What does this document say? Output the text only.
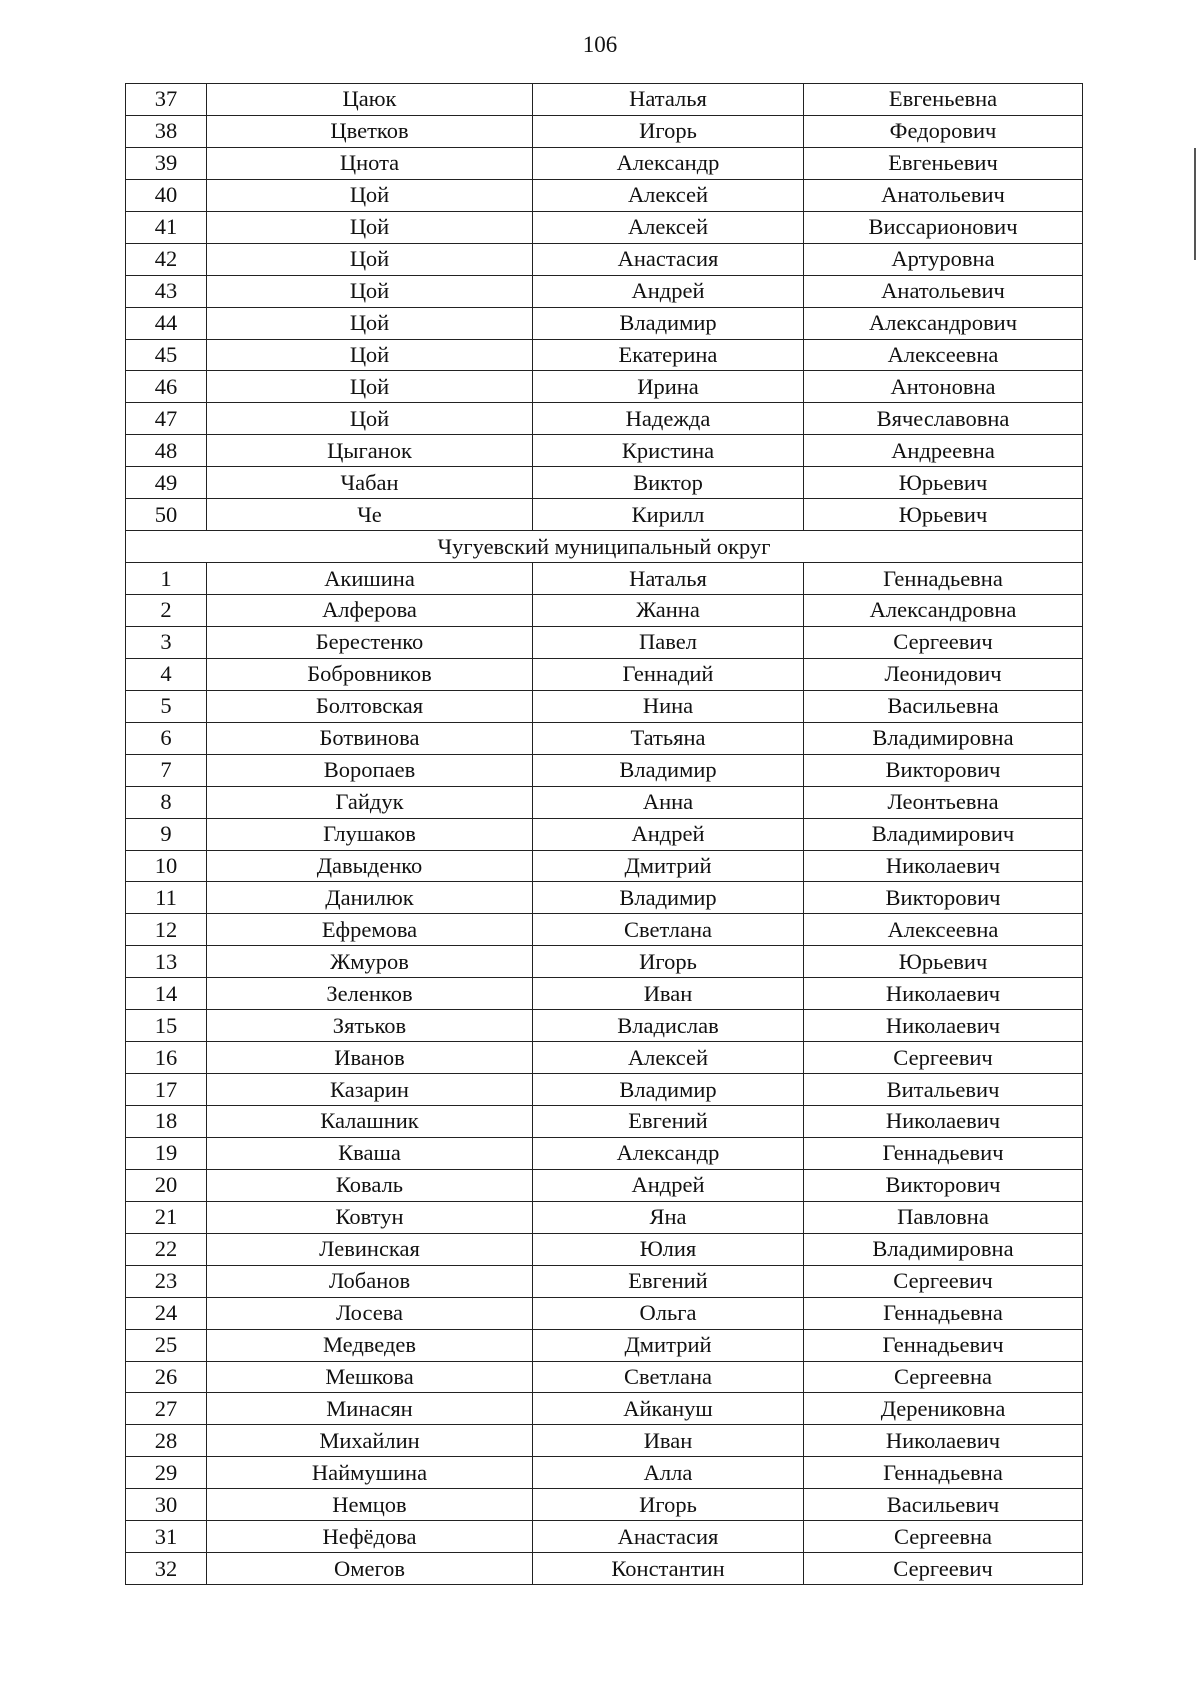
106
37	Цаюк	Наталья	Евгеньевна
38	Цветков	Игорь	Федорович
39	Цнота	Александр	Евгеньевич
40	Цой	Алексей	Анатольевич
41	Цой	Алексей	Виссарионович
42	Цой	Анастасия	Артуровна
43	Цой	Андрей	Анатольевич
44	Цой	Владимир	Александрович
45	Цой	Екатерина	Алексеевна
46	Цой	Ирина	Антоновна
47	Цой	Надежда	Вячеславовна
48	Цыганок	Кристина	Андреевна
49	Чабан	Виктор	Юрьевич
50	Че	Кирилл	Юрьевич
Чугуевский муниципальный округ			
1	Акишина	Наталья	Геннадьевна
2	Алферова	Жанна	Александровна
3	Берестенко	Павел	Сергеевич
4	Бобровников	Геннадий	Леонидович
5	Болтовская	Нина	Васильевна
6	Ботвинова	Татьяна	Владимировна
7	Воропаев	Владимир	Викторович
8	Гайдук	Анна	Леонтьевна
9	Глушаков	Андрей	Владимирович
10	Давыденко	Дмитрий	Николаевич
11	Данилюк	Владимир	Викторович
12	Ефремова	Светлана	Алексеевна
13	Жмуров	Игорь	Юрьевич
14	Зеленков	Иван	Николаевич
15	Зятьков	Владислав	Николаевич
16	Иванов	Алексей	Сергеевич
17	Казарин	Владимир	Витальевич
18	Калашник	Евгений	Николаевич
19	Кваша	Александр	Геннадьевич
20	Коваль	Андрей	Викторович
21	Ковтун	Яна	Павловна
22	Левинская	Юлия	Владимировна
23	Лобанов	Евгений	Сергеевич
24	Лосева	Ольга	Геннадьевна
25	Медведев	Дмитрий	Геннадьевич
26	Мешкова	Светлана	Сергеевна
27	Минасян	Айкануш	Дерениковна
28	Михайлин	Иван	Николаевич
29	Наймушина	Алла	Геннадьевна
30	Немцов	Игорь	Васильевич
31	Нефёдова	Анастасия	Сергеевна
32	Омегов	Константин	Сергеевич
